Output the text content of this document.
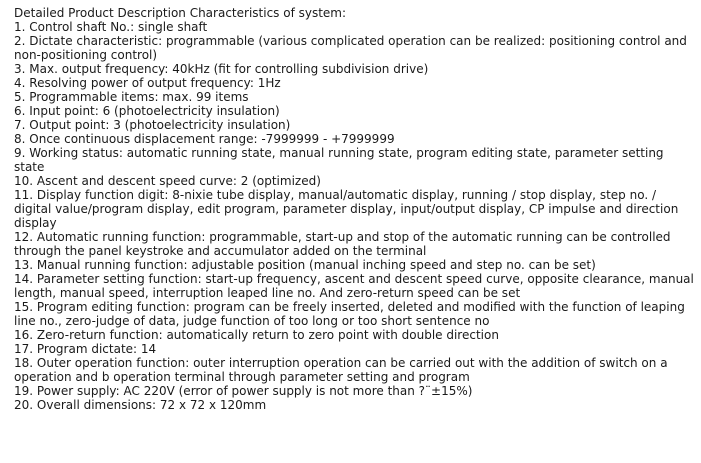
Detailed Product Description Characteristics of system:
1. Control shaft No.: single shaft
2. Dictate characteristic: programmable (various complicated operation can be realized: positioning control and non-positioning control)
3. Max. output frequency: 40kHz (fit for controlling subdivision drive)
4. Resolving power of output frequency: 1Hz
5. Programmable items: max. 99 items
6. Input point: 6 (photoelectricity insulation)
7. Output point: 3 (photoelectricity insulation)
8. Once continuous displacement range: -7999999 - +7999999
9. Working status: automatic running state, manual running state, program editing state, parameter setting state
10. Ascent and descent speed curve: 2 (optimized)
11. Display function digit: 8-nixie tube display, manual/automatic display, running / stop display, step no. / digital value/program display, edit program, parameter display, input/output display, CP impulse and direction display
12. Automatic running function: programmable, start-up and stop of the automatic running can be controlled through the panel keystroke and accumulator added on the terminal
13. Manual running function: adjustable position (manual inching speed and step no. can be set)
14. Parameter setting function: start-up frequency, ascent and descent speed curve, opposite clearance, manual length, manual speed, interruption leaped line no. And zero-return speed can be set
15. Program editing function: program can be freely inserted, deleted and modified with the function of leaping line no., zero-judge of data, judge function of too long or too short sentence no
16. Zero-return function: automatically return to zero point with double direction
17. Program dictate: 14
18. Outer operation function: outer interruption operation can be carried out with the addition of switch on a operation and b operation terminal through parameter setting and program
19. Power supply: AC 220V (error of power supply is not more than ?¨±15%)
20. Overall dimensions: 72 x 72 x 120mm
